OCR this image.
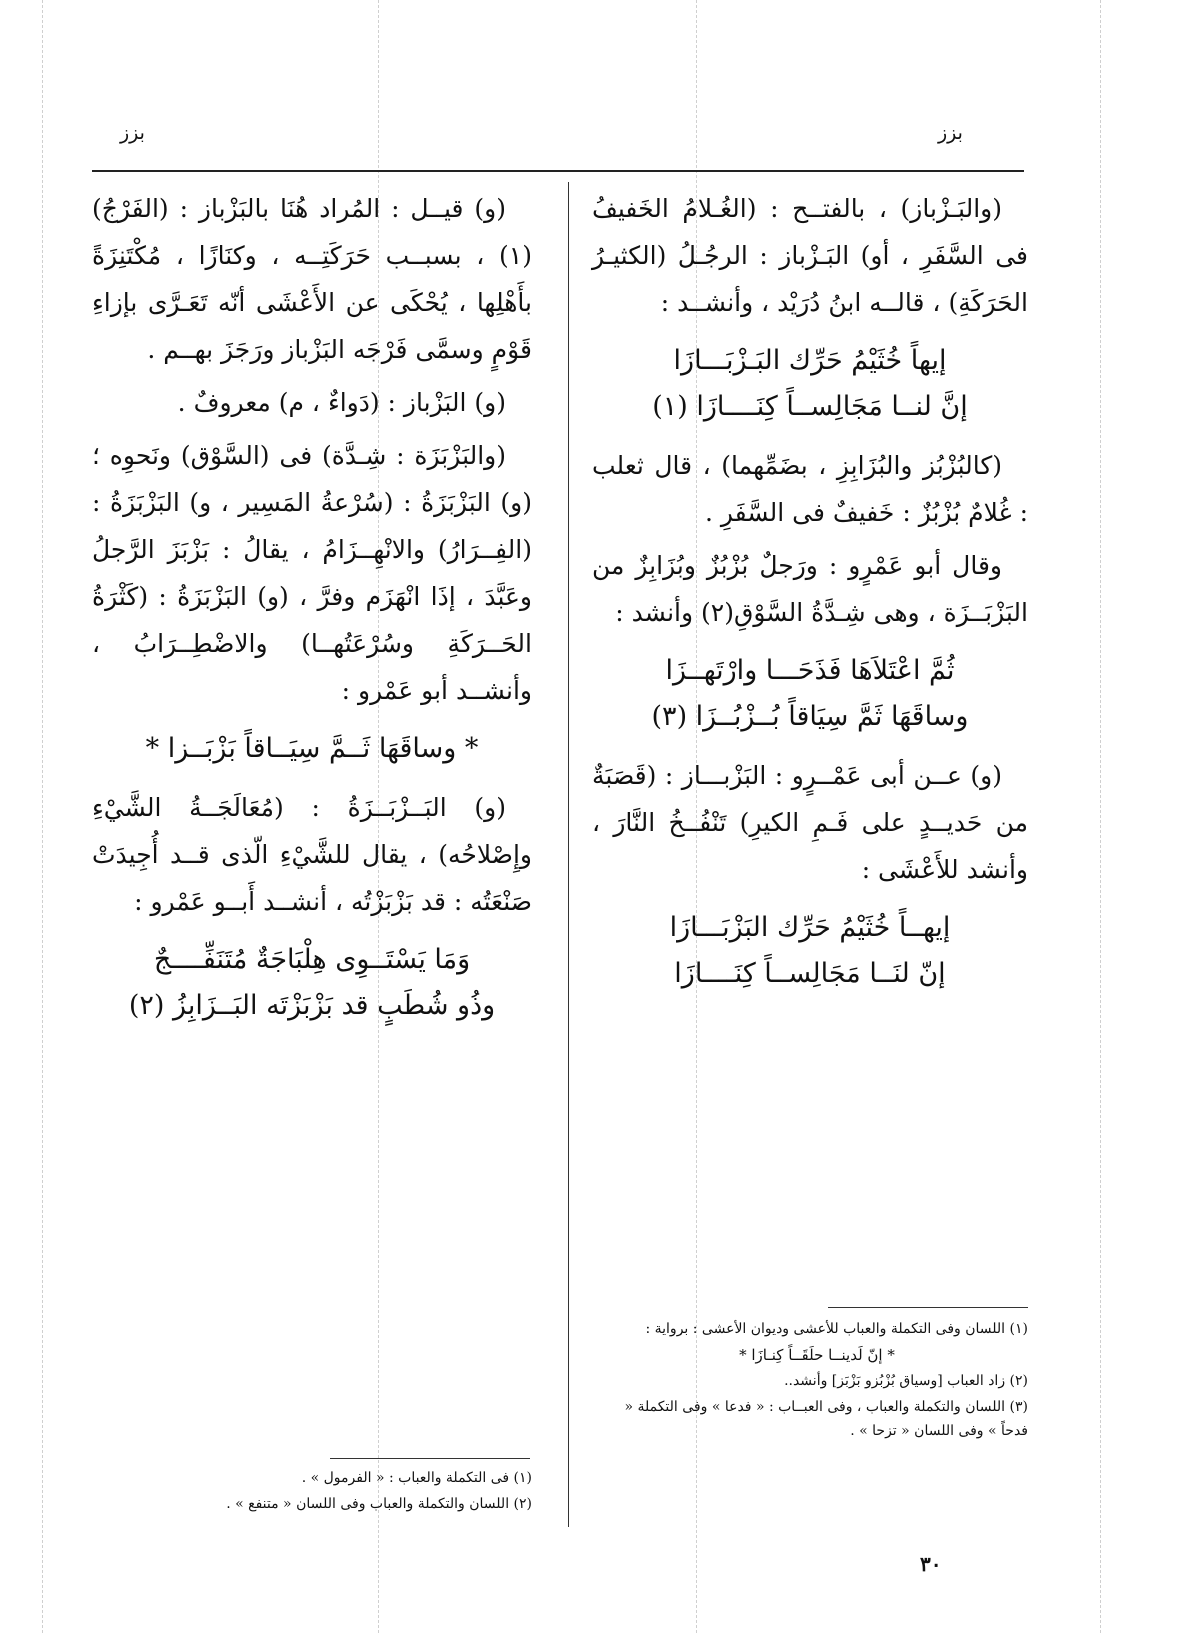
بزز
بزز

(والبَـزْباز) ، بالفتــح : (الغُـلامُ الخَفيفُ فى السَّفَرِ ، أو) البَـزْباز : الرجُـلُ (الكثيـرُ الحَرَكَةِ) ، قالــه ابنُ دُرَيْد ، وأنشــد :

إيهاً خُثَيْمُ حَرِّك البَـزْبَـــازَا
إنَّ لنــا مَجَالِســاً كِنَــــازَا (١)

(كالبُزْبُز والبُزَابِزِ ، بضَمِّهما) ، قال ثعلب : غُلامٌ بُزْبُزٌ : خَفيفٌ فى السَّفَرِ .

وقال أبو عَمْرٍو : ورَجلٌ بُزْبُزٌ وبُزَابِزٌ من البَزْبَــزَة ، وهى شِـدَّةُ السَّوْقِ(٢) وأنشد :

ثُمَّ اعْتَلاَهَا فَذَحَـــا وارْتَهــزَا
وساقَهَا ثَمَّ سِيَاقاً بُــزْبُــزَا (٣)

(و) عــن أبى عَمْــرٍو : البَزْبـــاز : (قَصَبَةٌ من حَديــدٍ على فَـمِ الكيرِ) تَنْفُــخُ النَّارَ ، وأنشد للأَعْشَى :

إيهــاً خُثَيْمُ حَرِّك البَزْبَـــازَا
إنّ لنَــا مَجَالِســاً كِنَــــازَا

(و) قيــل : المُراد هُنَا بالبَزْباز : (الفَرْجُ) (١) ، بسبــب حَرَكَتِــه ، وكنَازًا ، مُكْتَنِزَةً بأَهْلِها ، يُحْكَى عن الأَعْشَى أنّه تَعَـرَّى بإزاءِ قَوْمٍ وسمَّى فَرْجَه البَزْباز ورَجَزَ بهــم .

(و) البَزْباز : (دَواءٌ ، م) معروفٌ .

(والبَزْبَزَة : شِـدَّة) فى (السَّوْق) ونَحوِه ؛ (و) البَزْبَزَةُ : (سُرْعةُ المَسِير ، و) البَزْبَزَةُ : (الفِــرَارُ) والانْهِــزَامُ ، يقالُ : بَزْبَزَ الرَّجلُ وعَبَّدَ ، إذَا انْهَزَم وفرَّ ، (و) البَزْبَزَةُ : (كَثْرَةُ الحَــرَكَةِ وسُرْعَتُهــا) والاضْطِــرَابُ ، وأنشــد أبو عَمْرو :

* وساقَهَا ثَــمَّ سِيَــاقاً بَزْبَــزا *

(و) البَــزْبَــزَةُ : (مُعَالَجَــةُ الشَّيْءِ وإِصْلاحُه) ، يقال للشَّيْءِ الّذى قــد أُجِيدَتْ صَنْعَتُه : قد بَزْبَزْتُه ، أنشــد أَبــو عَمْرو :

وَمَا يَسْتَــوِى هِلْبَاجَةٌ مُتَنَفِّــــجٌ
وذُو شُطَبٍ قد بَزْبَزْتَه البَــزَابِزُ (٢)
(١) اللسان وفى التكملة والعباب للأعشى وديوان الأعشى : برواية :
* إنّ لَدينــا حلَقَــاً كِنـازَا *
(٢) زاد العباب [وسياق بُزْبُزو بَزْبَز] وأنشد..
(٣) اللسان والتكملة والعباب ، وفى العبــاب : « فدعا » وفى التكملة « فدحاً » وفى اللسان « تزحا » .
(١) فى التكملة والعباب : « الفرمول » .
(٢) اللسان والتكملة والعباب وفى اللسان « متنفع » .
٣٠
